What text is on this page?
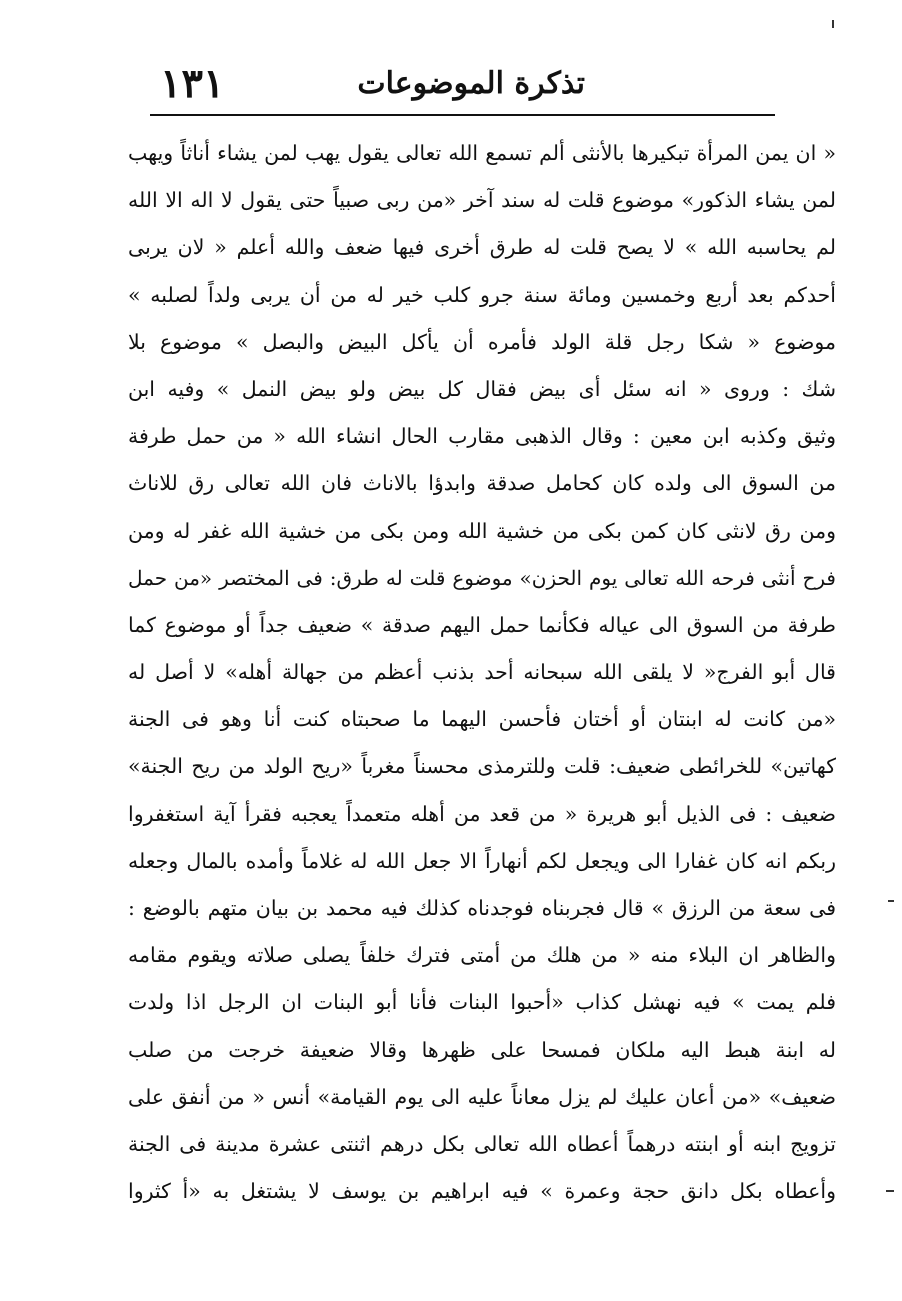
تذكرة الموضوعات
١٣١
« ان يمن المرأة تبكيرها بالأنثى ألم تسمع الله تعالى يقول يهب لمن يشاء أناثاً ويهب
لمن يشاء الذكور» موضوع قلت له سند آخر «من ربى صبياً حتى يقول لا اله الا الله
لم يحاسبه الله » لا يصح قلت له طرق أخرى فيها ضعف والله أعلم « لان يربى
أحدكم بعد أربع وخمسين ومائة سنة جرو كلب خير له من أن يربى ولداً لصلبه »
موضوع « شكا رجل قلة الولد فأمره أن يأكل البيض والبصل » موضوع بلا
شك : وروى « انه سئل أى بيض فقال كل بيض ولو بيض النمل » وفيه ابن
وثيق وكذبه ابن معين : وقال الذهبى مقارب الحال انشاء الله « من حمل طرفة
من السوق الى ولده كان كحامل صدقة وابدؤا بالاناث فان الله تعالى رق للاناث
ومن رق لانثى كان كمن بكى من خشية الله ومن بكى من خشية الله غفر له ومن
فرح أنثى فرحه الله تعالى يوم الحزن» موضوع قلت له طرق: فى المختصر «من حمل
طرفة من السوق الى عياله فكأنما حمل اليهم صدقة » ضعيف جداً أو موضوع كما
قال أبو الفرج« لا يلقى الله سبحانه أحد بذنب أعظم من جهالة أهله» لا أصل له
«من كانت له ابنتان أو أختان فأحسن اليهما ما صحبتاه كنت أنا وهو فى الجنة
كهاتين» للخرائطى ضعيف: قلت وللترمذى محسناً مغرباً «ريح الولد من ريح الجنة»
ضعيف : فى الذيل أبو هريرة « من قعد من أهله متعمداً يعجبه فقرأ آية استغفروا
ربكم انه كان غفارا الى ويجعل لكم أنهاراً الا جعل الله له غلاماً وأمده بالمال وجعله
فى سعة من الرزق » قال فجربناه فوجدناه كذلك فيه محمد بن بيان متهم بالوضع :
والظاهر ان البلاء منه « من هلك من أمتى فترك خلفاً يصلى صلاته ويقوم مقامه
فلم يمت » فيه نهشل كذاب «أحبوا البنات فأنا أبو البنات ان الرجل اذا ولدت
له ابنة هبط اليه ملكان فمسحا على ظهرها وقالا ضعيفة خرجت من صلب
ضعيف» «من أعان عليك لم يزل معاناً عليه الى يوم القيامة» أنس « من أنفق على
تزويج ابنه أو ابنته درهماً أعطاه الله تعالى بكل درهم اثنتى عشرة مدينة فى الجنة
وأعطاه بكل دانق حجة وعمرة » فيه ابراهيم بن يوسف لا يشتغل به «أ كثروا
